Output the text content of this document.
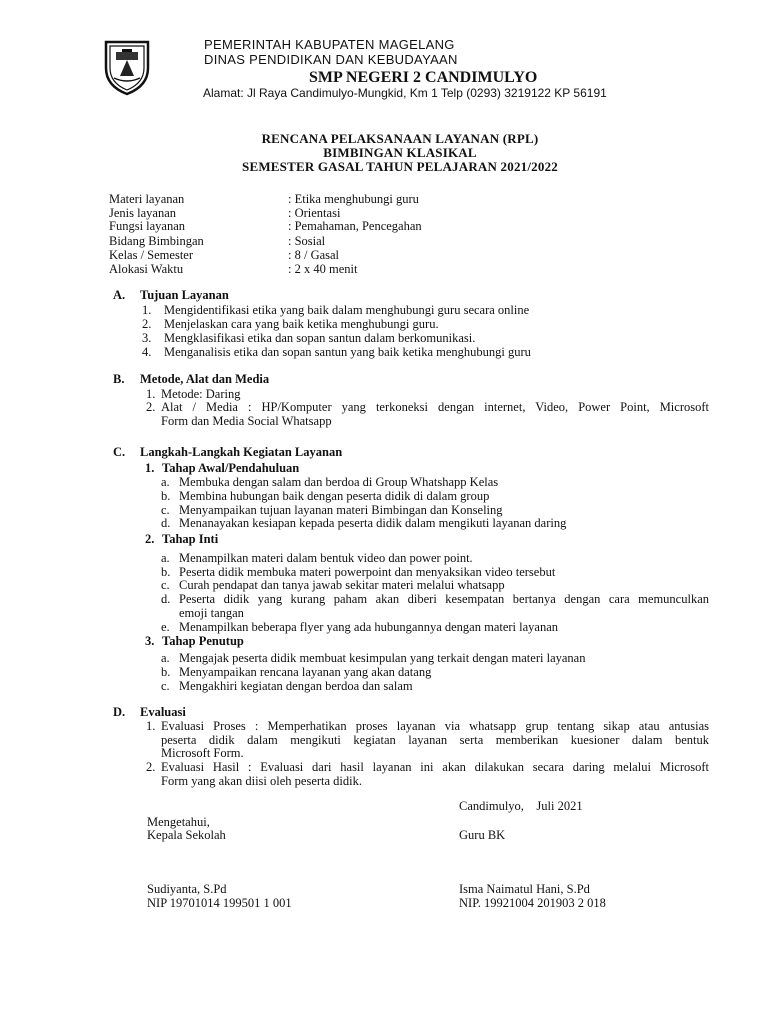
PEMERINTAH KABUPATEN MAGELANG
DINAS PENDIDIKAN DAN KEBUDAYAAN
SMP NEGERI 2 CANDIMULYO
Alamat: Jl Raya Candimulyo-Mungkid, Km 1 Telp (0293) 3219122 KP 56191
RENCANA PELAKSANAAN LAYANAN (RPL)
BIMBINGAN KLASIKAL
SEMESTER GASAL TAHUN PELAJARAN 2021/2022
Materi layanan	: Etika menghubungi guru
Jenis layanan	: Orientasi
Fungsi layanan	: Pemahaman, Pencegahan
Bidang Bimbingan	: Sosial
Kelas / Semester	: 8 / Gasal
Alokasi Waktu	: 2 x 40 menit
A. Tujuan Layanan
1. Mengidentifikasi etika yang baik dalam menghubungi guru secara online
2. Menjelaskan cara yang baik ketika menghubungi guru.
3. Mengklasifikasi etika dan sopan santun dalam berkomunikasi.
4. Menganalisis etika dan sopan santun yang baik ketika menghubungi guru
B. Metode, Alat dan Media
1. Metode: Daring
2. Alat / Media : HP/Komputer yang terkoneksi dengan internet, Video, Power Point, Microsoft
Form dan Media Social Whatsapp
C. Langkah-Langkah Kegiatan Layanan
1. Tahap Awal/Pendahuluan
a. Membuka dengan salam dan berdoa di Group Whatshapp Kelas
b. Membina hubungan baik dengan peserta didik di dalam group
c. Menyampaikan tujuan layanan materi Bimbingan dan Konseling
d. Menanayakan kesiapan kepada peserta didik dalam mengikuti layanan daring
2. Tahap Inti
a. Menampilkan materi dalam bentuk video dan power point.
b. Peserta didik membuka materi powerpoint dan menyaksikan video tersebut
c. Curah pendapat dan tanya jawab sekitar materi melalui whatsapp
d. Peserta didik yang kurang paham akan diberi kesempatan bertanya dengan cara memunculkan
emoji tangan
e. Menampilkan beberapa flyer yang ada hubungannya dengan materi layanan
3. Tahap Penutup
a. Mengajak peserta didik membuat kesimpulan yang terkait dengan materi layanan
b. Menyampaikan rencana layanan yang akan datang
c. Mengakhiri kegiatan dengan berdoa dan salam
D. Evaluasi
1. Evaluasi Proses : Memperhatikan proses layanan via whatsapp grup tentang sikap atau antusias
peserta didik dalam mengikuti kegiatan layanan serta memberikan kuesioner dalam bentuk
Microsoft Form.
2. Evaluasi Hasil : Evaluasi dari hasil layanan ini akan dilakukan secara daring melalui Microsoft
Form yang akan diisi oleh peserta didik.
Candimulyo,    Juli 2021
Mengetahui,
Kepala Sekolah	Guru BK
Sudiyanta, S.Pd
NIP 19701014 199501 1 001
Isma Naimatul Hani, S.Pd
NIP. 19921004 201903 2 018
